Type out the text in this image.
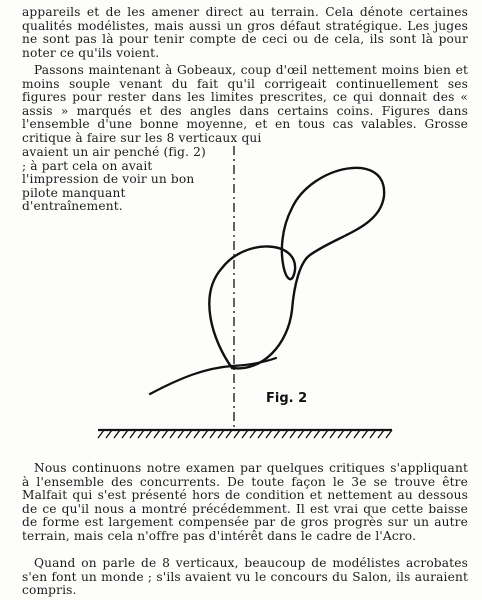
appareils et de les amener direct au terrain. Cela dénote certaines qualités modélistes, mais aussi un gros défaut stratégique. Les juges ne sont pas là pour tenir compte de ceci ou de cela, ils sont là pour noter ce qu'ils voient.

Passons maintenant à Gobeaux, coup d'œil nettement moins bien et moins souple venant du fait qu'il corrigeait continuellement ses figures pour rester dans les limites prescrites, ce qui donnait des « assis » marqués et des angles dans certains coins. Figures dans l'ensemble d'une bonne moyenne, et en tous cas valables. Grosse critique à faire sur les 8 verticaux qui

avaient un air penché (fig. 2) ; à part cela on avait l'impression de voir un bon pilote manquant d'entraînement.

Fig. 2

Nous continuons notre examen par quelques critiques s'appliquant à l'ensemble des concurrents. De toute façon le 3e se trouve être Malfait qui s'est présenté hors de condition et nettement au dessous de ce qu'il nous a montré précédemment. Il est vrai que cette baisse de forme est largement compensée par de gros progrès sur un autre terrain, mais cela n'offre pas d'intérêt dans le cadre de l'Acro.

Quand on parle de 8 verticaux, beaucoup de modélistes acrobates s'en font un monde ; s'ils avaient vu le concours du Salon, ils auraient compris.
